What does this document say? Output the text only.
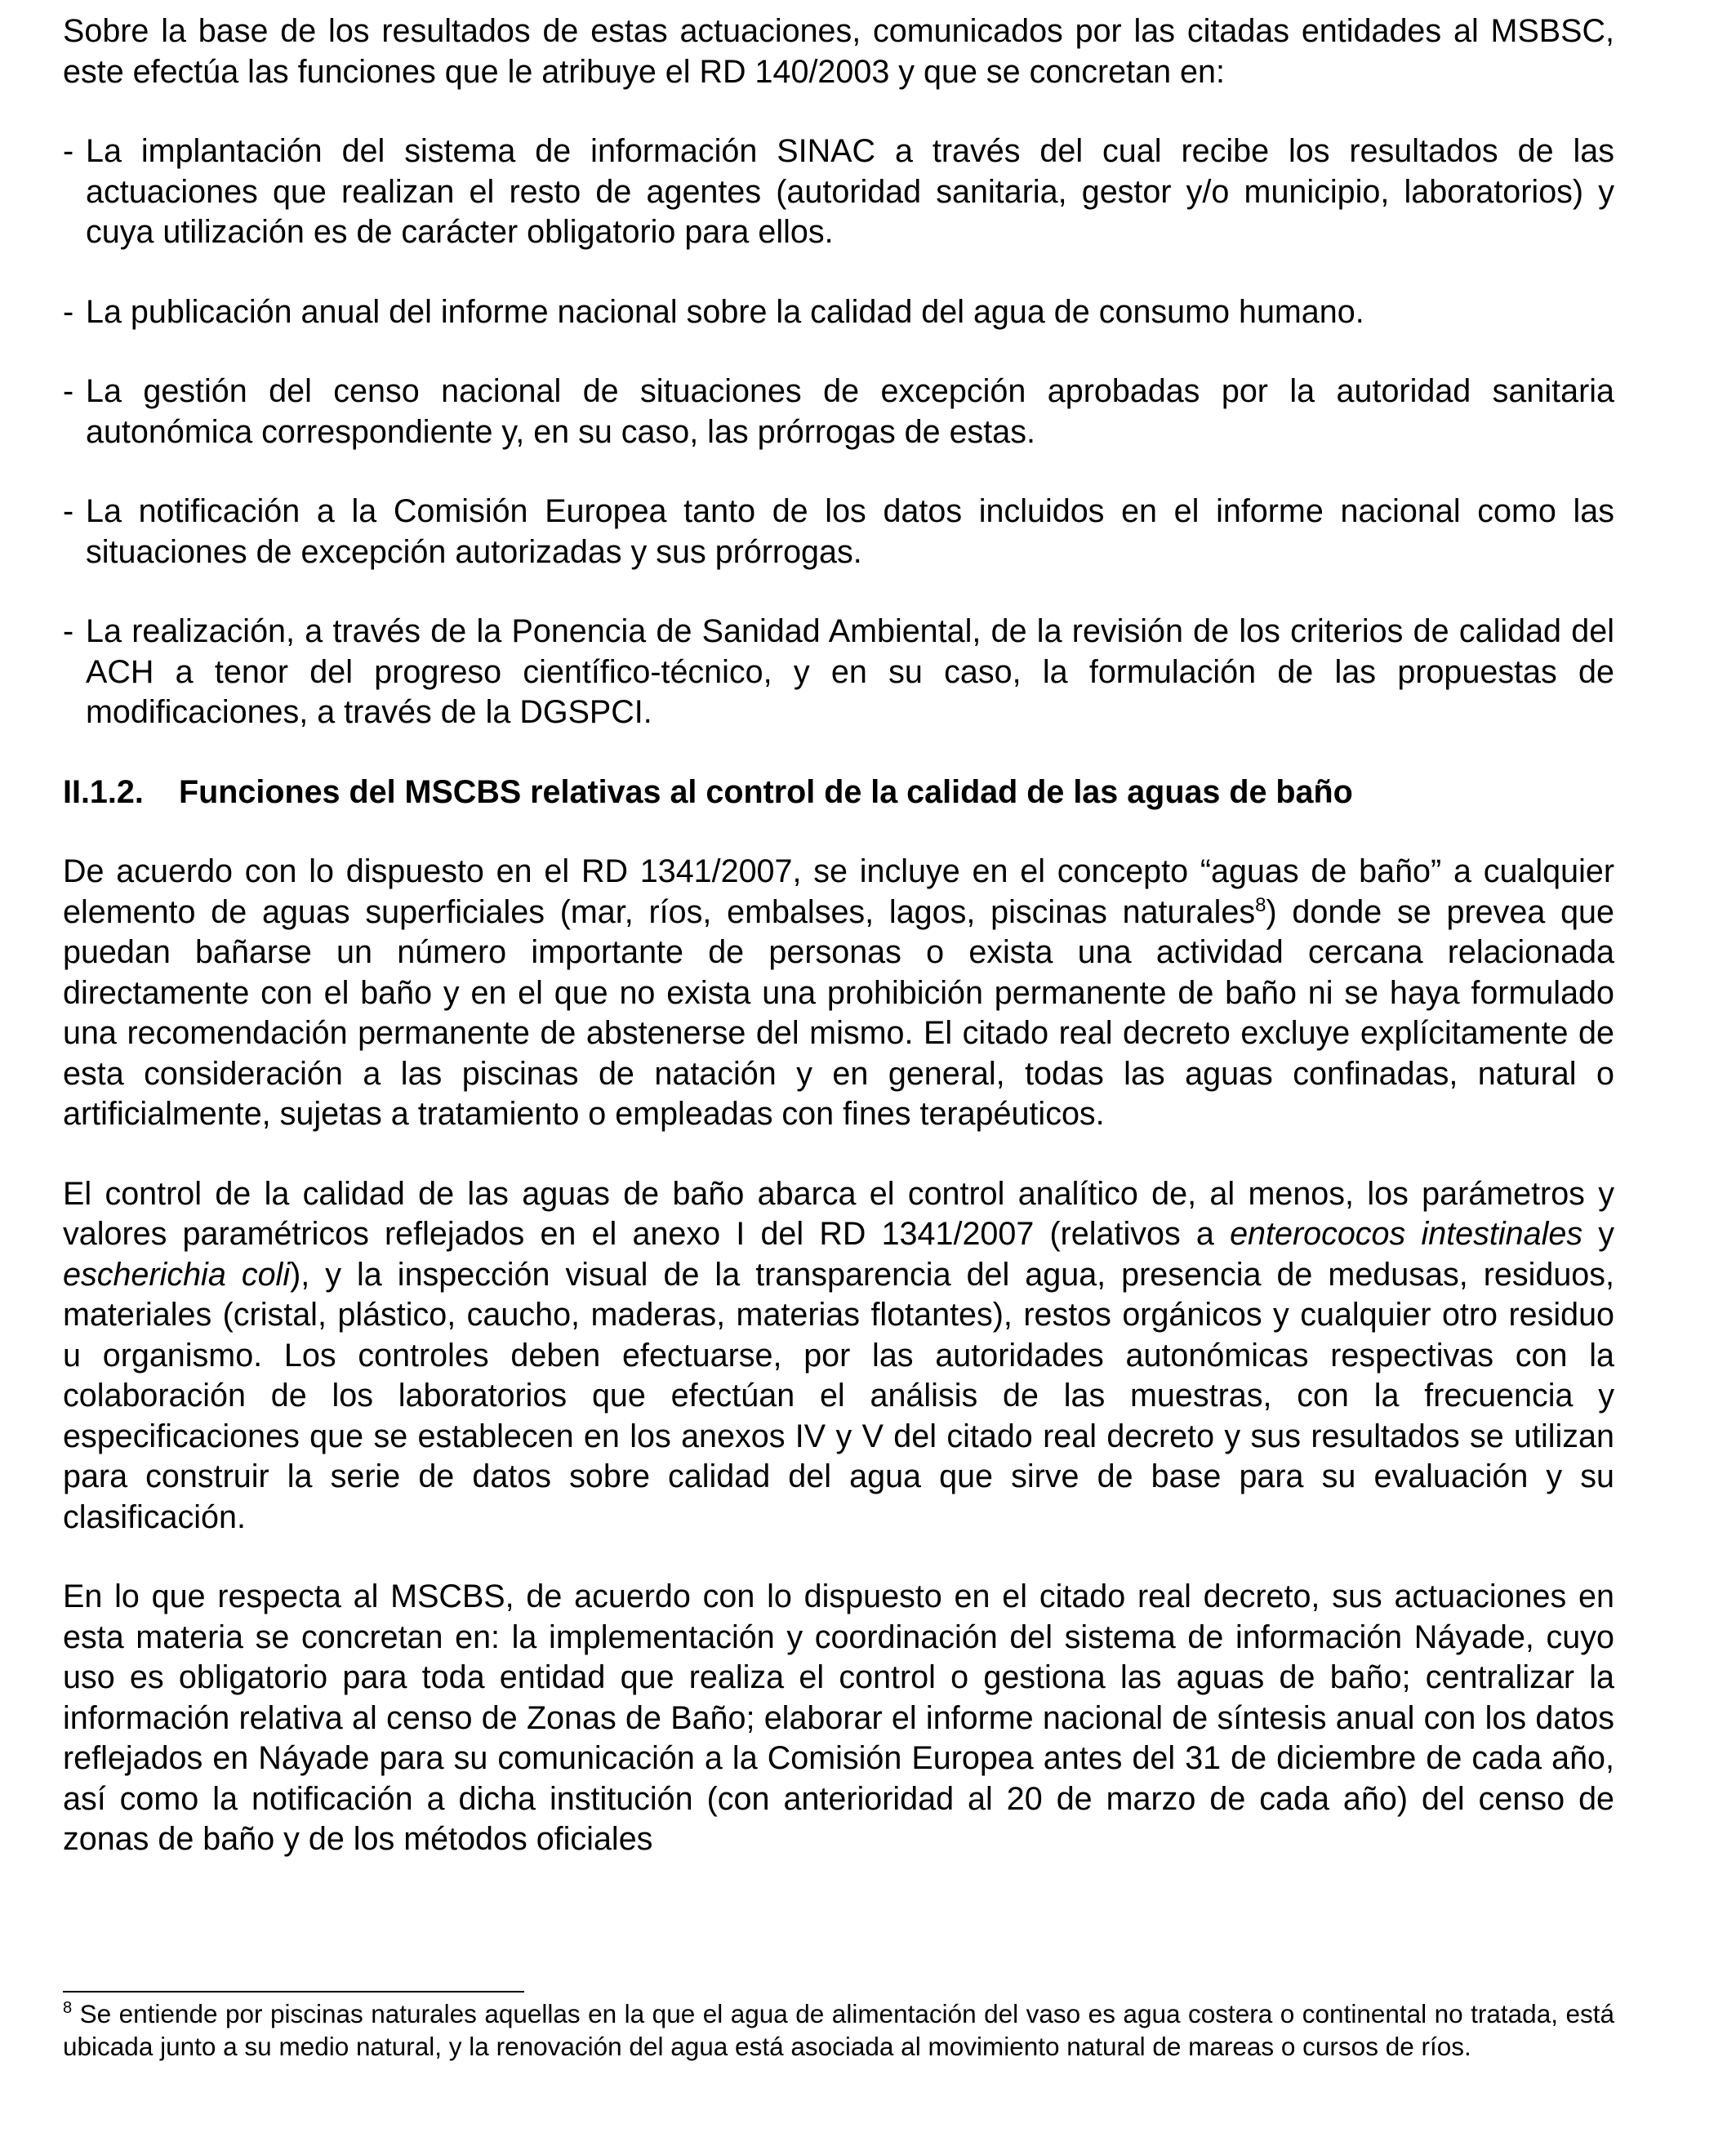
Sobre la base de los resultados de estas actuaciones, comunicados por las citadas entidades al MSBSC, este efectúa las funciones que le atribuye el RD 140/2003 y que se concretan en:

- La implantación del sistema de información SINAC a través del cual recibe los resultados de las actuaciones que realizan el resto de agentes (autoridad sanitaria, gestor y/o municipio, laboratorios) y cuya utilización es de carácter obligatorio para ellos.
- La publicación anual del informe nacional sobre la calidad del agua de consumo humano.
- La gestión del censo nacional de situaciones de excepción aprobadas por la autoridad sanitaria autonómica correspondiente y, en su caso, las prórrogas de estas.
- La notificación a la Comisión Europea tanto de los datos incluidos en el informe nacional como las situaciones de excepción autorizadas y sus prórrogas.
- La realización, a través de la Ponencia de Sanidad Ambiental, de la revisión de los criterios de calidad del ACH a tenor del progreso científico-técnico, y en su caso, la formulación de las propuestas de modificaciones, a través de la DGSPCI.
II.1.2. Funciones del MSCBS relativas al control de la calidad de las aguas de baño

De acuerdo con lo dispuesto en el RD 1341/2007, se incluye en el concepto “aguas de baño” a cualquier elemento de aguas superficiales (mar, ríos, embalses, lagos, piscinas naturales$^8$) donde se prevea que puedan bañarse un número importante de personas o exista una actividad cercana relacionada directamente con el baño y en el que no exista una prohibición permanente de baño ni se haya formulado una recomendación permanente de abstenerse del mismo. El citado real decreto excluye explícitamente de esta consideración a las piscinas de natación y en general, todas las aguas confinadas, natural o artificialmente, sujetas a tratamiento o empleadas con fines terapéuticos.

El control de la calidad de las aguas de baño abarca el control analítico de, al menos, los parámetros y valores paramétricos reflejados en el anexo I del RD 1341/2007 (relativos a enterococos intestinales y escherichia coli), y la inspección visual de la transparencia del agua, presencia de medusas, residuos, materiales (cristal, plástico, caucho, maderas, materias flotantes), restos orgánicos y cualquier otro residuo u organismo. Los controles deben efectuarse, por las autoridades autonómicas respectivas con la colaboración de los laboratorios que efectúan el análisis de las muestras, con la frecuencia y especificaciones que se establecen en los anexos IV y V del citado real decreto y sus resultados se utilizan para construir la serie de datos sobre calidad del agua que sirve de base para su evaluación y su clasificación.

En lo que respecta al MSCBS, de acuerdo con lo dispuesto en el citado real decreto, sus actuaciones en esta materia se concretan en: la implementación y coordinación del sistema de información Náyade, cuyo uso es obligatorio para toda entidad que realiza el control o gestiona las aguas de baño; centralizar la información relativa al censo de Zonas de Baño; elaborar el informe nacional de síntesis anual con los datos reflejados en Náyade para su comunicación a la Comisión Europea antes del 31 de diciembre de cada año, así como la notificación a dicha institución (con anterioridad al 20 de marzo de cada año) del censo de zonas de baño y de los métodos oficiales

$^8$ Se entiende por piscinas naturales aquellas en la que el agua de alimentación del vaso es agua costera o continental no tratada, está ubicada junto a su medio natural, y la renovación del agua está asociada al movimiento natural de mareas o cursos de ríos.
